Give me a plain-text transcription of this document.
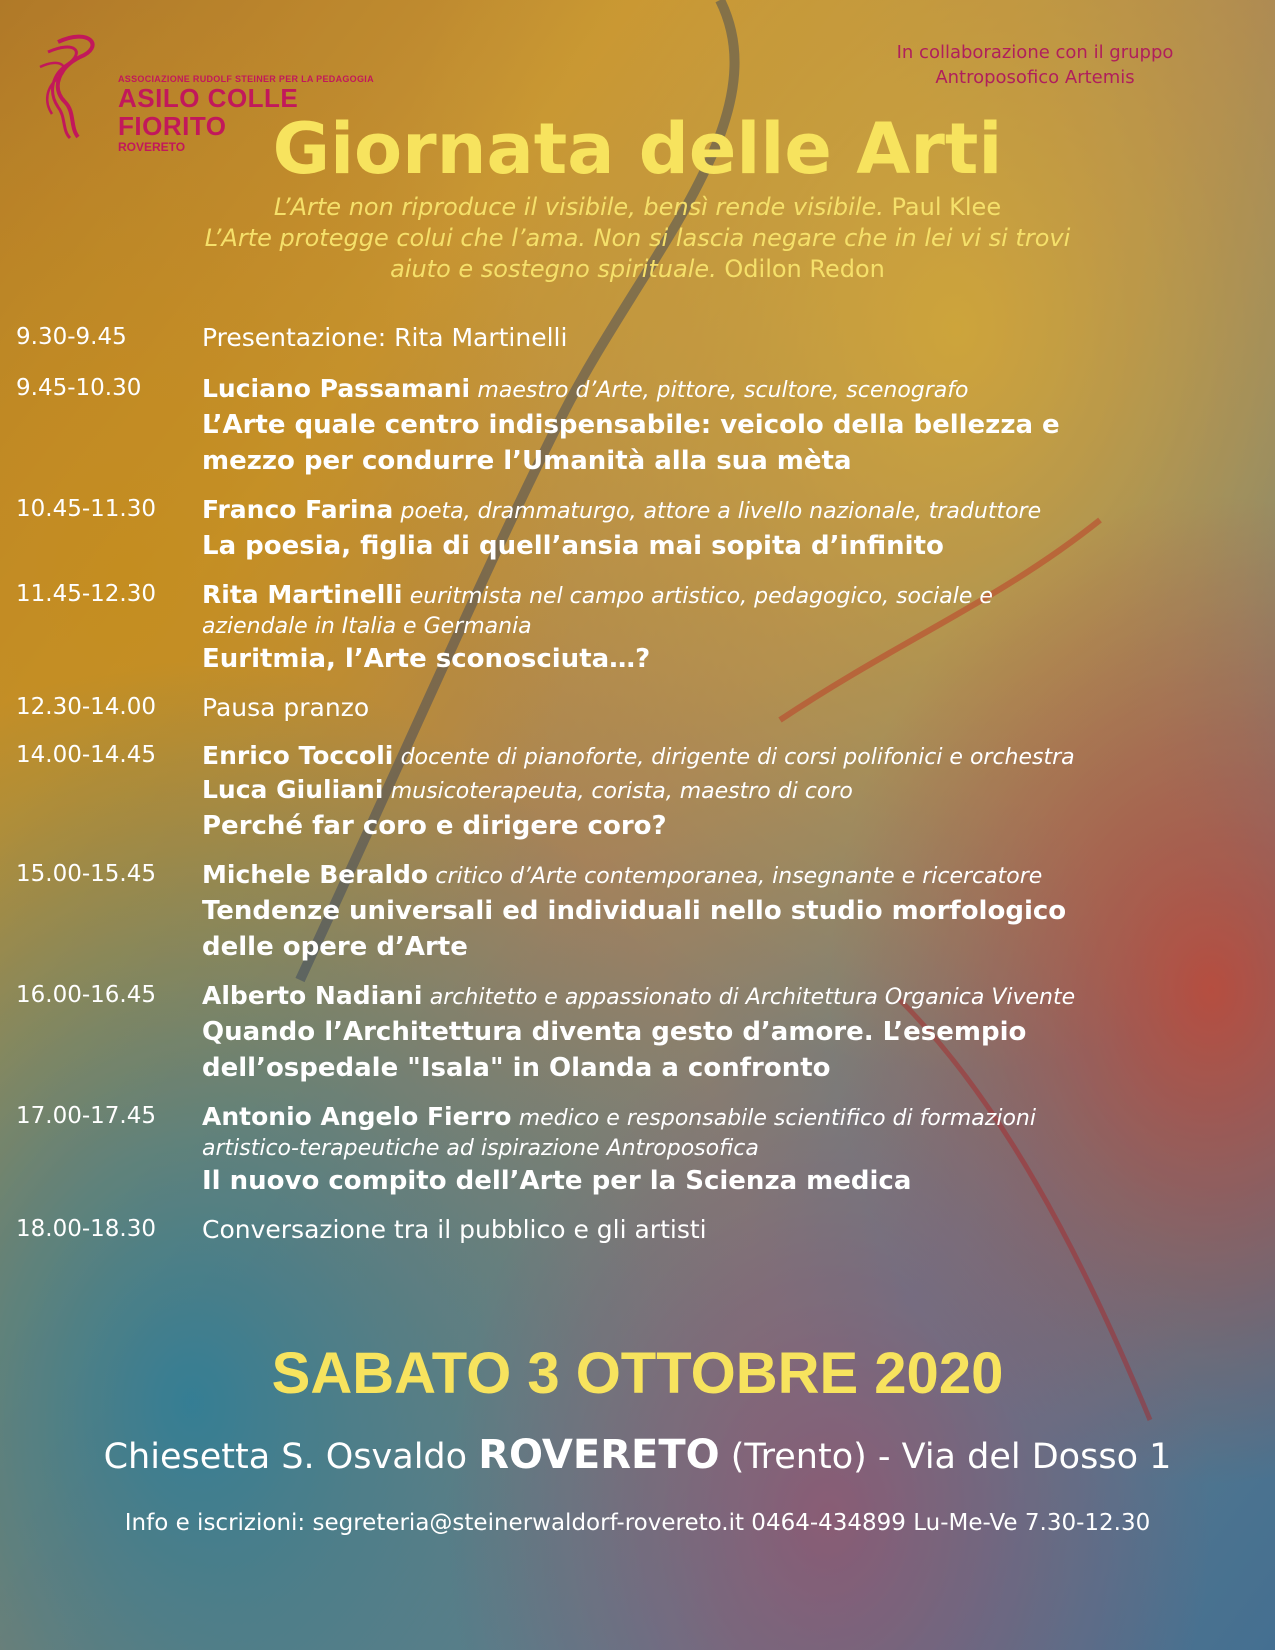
ASSOCIAZIONE RUDOLF STEINER PER LA PEDAGOGIA
ASILO COLLE FIORITO
ROVERETO
In collaborazione con il gruppo
Antroposofico Artemis
Giornata delle Arti
L’Arte non riproduce il visibile, bensì rende visibile. Paul Klee
L’Arte protegge colui che l’ama. Non si lascia negare che in lei vi si trovi
aiuto e sostegno spirituale. Odilon Redon
9.30-9.45	Presentazione: Rita Martinelli
9.45-10.30	Luciano Passamani maestro d’Arte, pittore, scultore, scenografo
L’Arte quale centro indispensabile: veicolo della bellezza e
mezzo per condurre l’Umanità alla sua mèta
10.45-11.30	Franco Farina poeta, drammaturgo, attore a livello nazionale, traduttore
La poesia, figlia di quell’ansia mai sopita d’infinito
11.45-12.30	Rita Martinelli euritmista nel campo artistico, pedagogico, sociale e
aziendale in Italia e Germania
Euritmia, l’Arte sconosciuta…?
12.30-14.00	Pausa pranzo
14.00-14.45	Enrico Toccoli docente di pianoforte, dirigente di corsi polifonici e orchestra
Luca Giuliani musicoterapeuta, corista, maestro di coro
Perché far coro e dirigere coro?
15.00-15.45	Michele Beraldo critico d’Arte contemporanea, insegnante e ricercatore
Tendenze universali ed individuali nello studio morfologico
delle opere d’Arte
16.00-16.45	Alberto Nadiani architetto e appassionato di Architettura Organica Vivente
Quando l’Architettura diventa gesto d’amore. L’esempio
dell’ospedale "Isala" in Olanda a confronto
17.00-17.45	Antonio Angelo Fierro medico e responsabile scientifico di formazioni
artistico-terapeutiche ad ispirazione Antroposofica
Il nuovo compito dell’Arte per la Scienza medica
18.00-18.30	Conversazione tra il pubblico e gli artisti
SABATO 3 OTTOBRE 2020
Chiesetta S. Osvaldo ROVERETO (Trento) - Via del Dosso 1
Info e iscrizioni: segreteria@steinerwaldorf-rovereto.it 0464-434899 Lu-Me-Ve 7.30-12.30
